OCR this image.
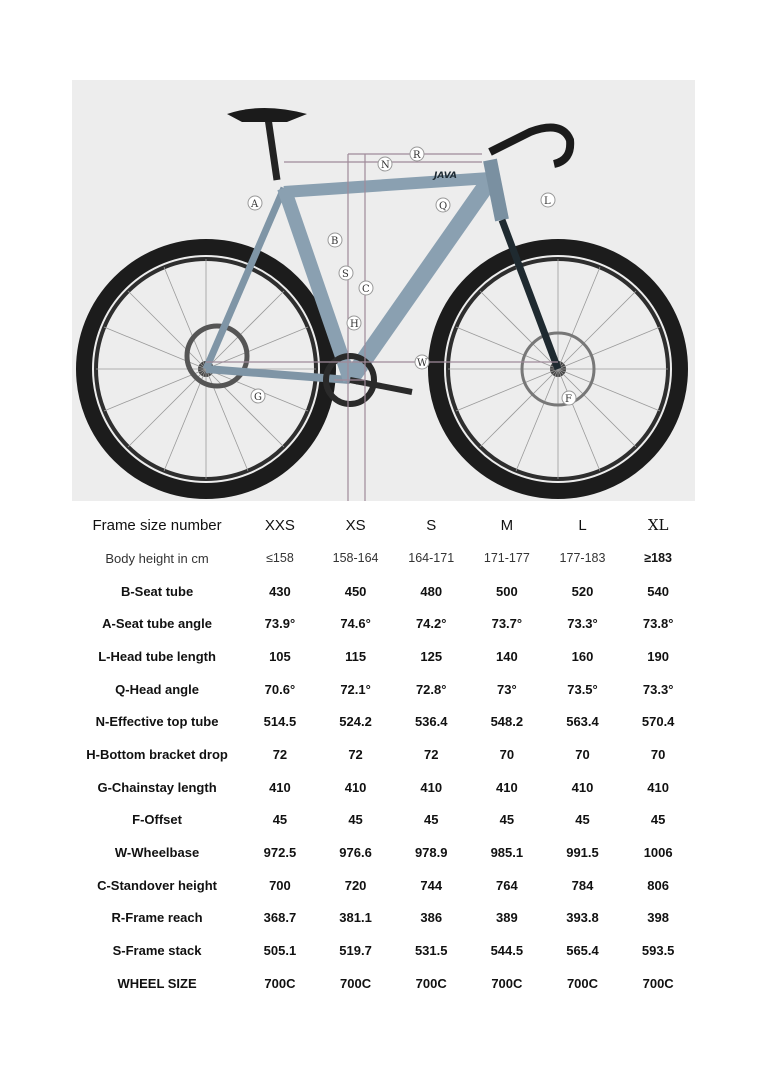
JAVA
N
R
A	Q	L
B
S
C
H
W
G	F
Frame size number	XXS	XS	S	M	L	XL
Body height in cm	≤158	158-164	164-171	171-177	177-183	≥183
B-Seat tube	430	450	480	500	520	540
A-Seat tube angle	73.9°	74.6°	74.2°	73.7°	73.3°	73.8°
L-Head tube length	105	115	125	140	160	190
Q-Head angle	70.6°	72.1°	72.8°	73°	73.5°	73.3°
N-Effective top tube	514.5	524.2	536.4	548.2	563.4	570.4
H-Bottom bracket drop	72	72	72	70	70	70
G-Chainstay length	410	410	410	410	410	410
F-Offset	45	45	45	45	45	45
W-Wheelbase	972.5	976.6	978.9	985.1	991.5	1006
C-Standover height	700	720	744	764	784	806
R-Frame reach	368.7	381.1	386	389	393.8	398
S-Frame stack	505.1	519.7	531.5	544.5	565.4	593.5
WHEEL SIZE	700C	700C	700C	700C	700C	700C
